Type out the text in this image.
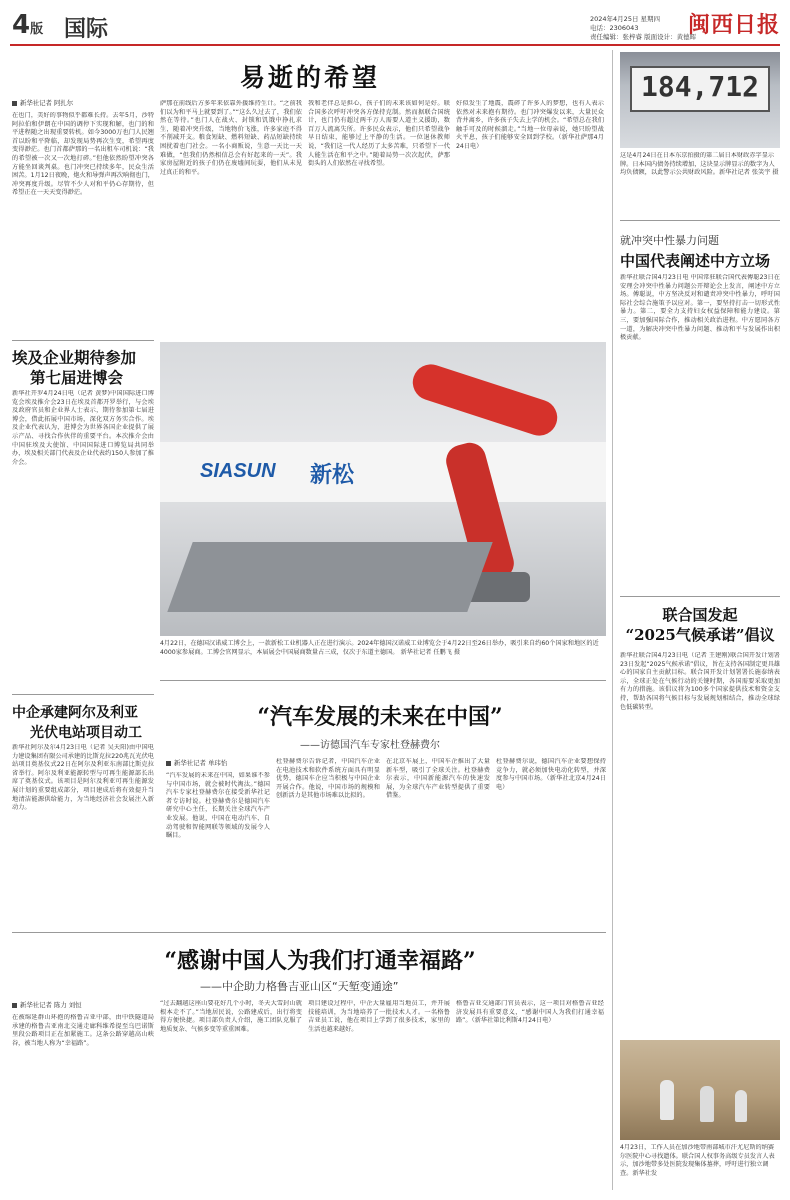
4版 国际	2024年4月25日 星期四
电话：2306043
责任编辑：张梓睿 版面设计：黄德晖
闽西日报
易逝的希望
新华社记者 阿扎尔
在也门，美好的事物似乎都难长持。去年5月，沙特阿拉伯和伊朗在中国的调停下实现和解，也门的和平进程随之出现重要转机。如今3000万也门人民翘首以盼和平降临，却发现局势再次生变，希望再度变得渺茫。也门首都萨那的一名出租车司机说：“我的希望被一次又一次地打碎。”但他依然盼望冲突各方能坐回谈判桌。也门冲突已持续多年，民众生活困苦。1月12日夜晚，炮火和导弹声再次响彻也门，冲突再度升级。尽管不少人对和平仍心存期待，但希望正在一天天变得渺茫。
萨那在前线后方多年来依靠外援维持生计。“之前我们以为和平马上就要到了。”“这么久过去了，我们依然在等待。”也门人在战火、封锁和饥饿中挣扎求生，随着冲突升级，当地物价飞涨，许多家庭不得不削减开支。粮食短缺、燃料短缺、药品短缺持续困扰着也门社会。一名小商贩说，生意一天比一天难做，“但我们仍然相信总会有好起来的一天”。我家房屋附近的孩子们仍在废墟间玩耍，他们从未见过真正的和平。
我和老伴总是担心，孩子们的未来该如何是好。联合国多次呼吁冲突各方保持克制。然而据联合国统计，也门仍有超过两千万人需要人道主义援助，数百万人流离失所。许多民众表示，他们只希望战争早日结束，能够过上平静的生活。一位退休教师说，“我们这一代人经历了太多苦难，只希望下一代人能生活在和平之中。”随着局势一次次起伏，萨那街头的人们依然在寻找希望。
好似发生了地震，震碎了许多人的梦想，也有人表示依然对未来抱有期待。也门冲突爆发以来，大量民众背井离乡，许多孩子失去上学的机会。“希望总在我们触手可及的时候溜走。”当地一位母亲说，她只盼望战火平息，孩子们能够安全回到学校。（新华社萨那4月24日电）
184,712
这是4月24日在日本东京拍摄的第二届日本财政赤字显示牌。日本国内债务持续增加，这块显示牌显示的数字为人均负债额，以此警示公共财政风险。新华社记者 张笑宇 摄
就冲突中性暴力问题
中国代表阐述中方立场
新华社联合国4月23日电 中国常驻联合国代表傅聪23日在安理会冲突中性暴力问题公开辩论会上发言，阐述中方立场。傅聪说，中方坚决反对和谴责冲突中性暴力，呼吁国际社会综合施策予以应对。第一，要坚持打击一切形式性暴力。第二，要全力支持妇女权益保障和能力建设。第三，要加强国际合作，推动相关政治进程。中方愿同各方一道，为解决冲突中性暴力问题、推动和平与发展作出积极贡献。
埃及企业期待参加
第七届进博会
新华社开罗4月24日电（记者 黄梦)中国国际进口博览会埃及推介会23日在埃及首都开罗举行，与会埃及政府官员和企业界人士表示，期待参加第七届进博会，借此拓展中国市场，深化双方务实合作。埃及企业代表认为，进博会为世界各国企业提供了展示产品、寻找合作伙伴的重要平台。本次推介会由中国驻埃及大使馆、中国国际进口博览局共同举办，埃及相关部门代表及企业代表约150人参加了推介会。	SIASUN 新松
4月22日，在德国汉诺威工博会上，一款新松工业机器人正在进行演示。2024年德国汉诺威工业博览会于4月22日至26日举办，吸引来自约60个国家和地区的近4000家参展商。工博会官网显示，本届展会中国展商数量占三成，仅次于东道主德国。 新华社记者 任鹏飞 摄
中企承建阿尔及利亚
光伏电站项目动工
新华社阿尔及尔4月23日电（记者 吴天阳)由中国电力建设集团有限公司承建的比斯克拉220兆瓦光伏电站项目奠基仪式22日在阿尔及利亚东南部比斯克拉省举行。阿尔及利亚能源转型与可再生能源部长出席了奠基仪式。该项目是阿尔及利亚可再生能源发展计划的重要组成部分，项目建成后将有效提升当地清洁能源供给能力，为当地经济社会发展注入新动力。
“汽车发展的未来在中国”
——访德国汽车专家杜登赫费尔
新华社记者 单玮怡
“汽车发展的未来在中国，如果谁不参与中国市场，就会被时代淘汰。”德国汽车专家杜登赫费尔在接受新华社记者专访时说。杜登赫费尔是德国汽车研究中心主任，长期关注全球汽车产业发展。他说，中国在电动汽车、自动驾驶和智能网联等领域的发展令人瞩目。
杜登赫费尔告诉记者，中国汽车企业在电池技术和软件系统方面具有明显优势，德国车企应当积极与中国企业开展合作。他说，中国市场的规模和创新活力是其他市场难以比拟的。
在北京车展上，中国车企推出了大量新车型，吸引了全球关注。杜登赫费尔表示，中国新能源汽车的快速发展，为全球汽车产业转型提供了重要借鉴。
杜登赫费尔说，德国汽车企业要想保持竞争力，就必须加快电动化转型，并深度参与中国市场。（新华社北京4月24日电）
联合国发起
“2025气候承诺”倡议
新华社联合国4月23日电（记者 王建刚)联合国开发计划署23日发起“2025气候承诺”倡议，旨在支持各国制定更具雄心的国家自主贡献目标。联合国开发计划署署长施泰纳表示，全球正处在气候行动的关键时期，各国需要采取更加有力的措施。该倡议将为100多个国家提供技术和资金支持，帮助各国将气候目标与发展规划相结合，推动全球绿色低碳转型。
“感谢中国人为我们打通幸福路”
——中企助力格鲁吉亚山区“天堑变通途”
新华社记者 陈力 刘恒
在被绵延群山环抱的格鲁吉亚中部，由中铁隧道局承建的格鲁吉亚南北交通走廊科维希提至乌巴诺斯里段公路项目正在加紧施工。这条公路穿越高山峡谷，被当地人称为“幸福路”。
“过去翻越这座山要花好几个小时，冬天大雪封山就根本走不了。”当地居民说，公路建成后，出行将变得方便快捷。项目部负责人介绍，施工团队克服了地质复杂、气候多变等重重困难。
项目建设过程中，中企大量雇用当地员工，并开展技能培训，为当地培养了一批技术人才。一名格鲁吉亚员工说，他在项目上学到了很多技术，家里的生活也越来越好。
格鲁吉亚交通部门官员表示，这一项目对格鲁吉亚经济发展具有重要意义，“感谢中国人为我们打通幸福路”。（新华社第比利斯4月24日电）
4月23日，工作人员在加沙地带南部城市汗尤尼斯的纳赛尔医院中心寻找遗体。联合国人权事务高级专员发言人表示，加沙地带多处医院发现集体墓葬，呼吁进行独立调查。新华社发
